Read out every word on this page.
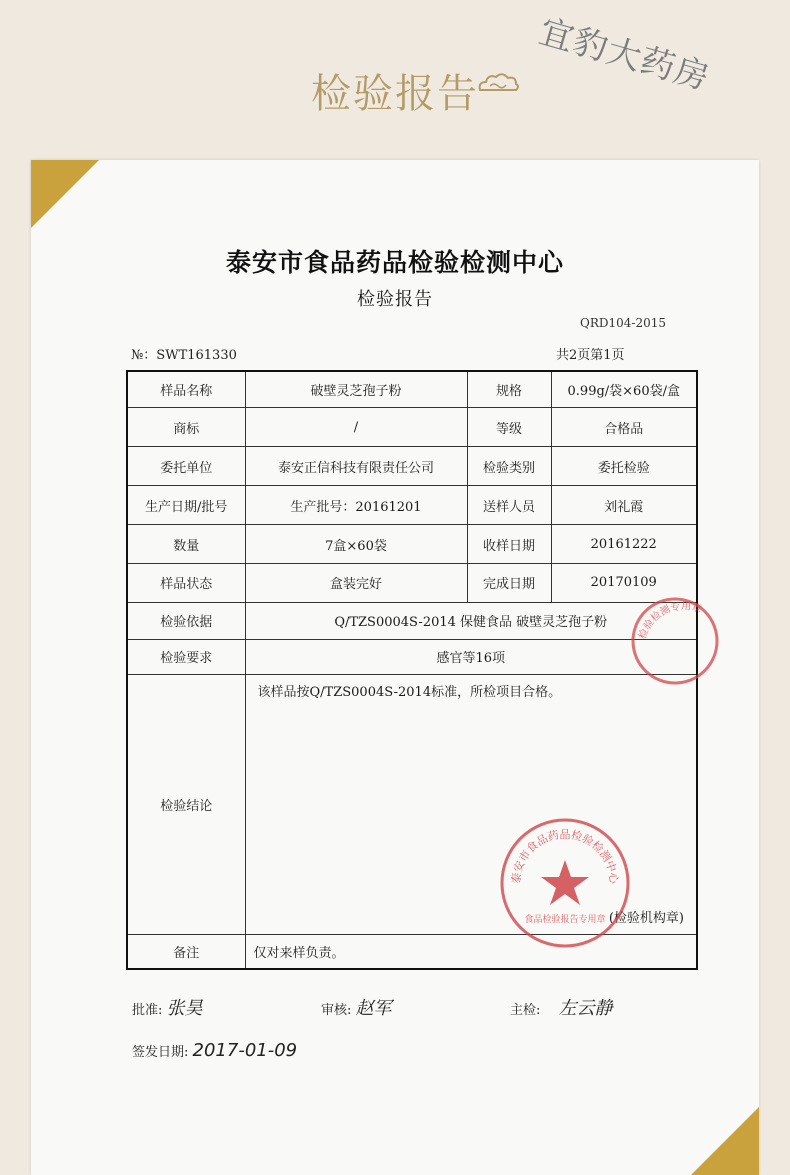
宜豹大药房
检验报告
泰安市食品药品检验检测中心
检验报告
QRD104-2015
№：SWT161330	共2页第1页
样品名称	破壁灵芝孢子粉	规格	0.99g/袋×60袋/盒
商标	/	等级	合格品
委托单位	泰安正信科技有限责任公司	检验类别	委托检验
生产日期/批号	生产批号：20161201	送样人员	刘礼霞
数量	7盒×60袋	收样日期	20161222
样品状态	盒装完好	完成日期	20170109
检验依据	Q/TZS0004S-2014 保健食品 破壁灵芝孢子粉		
检验要求	感官等16项		
检验结论	该样品按Q/TZS0004S-2014标准，所检项目合格。
(检验机构章)		

备注	仅对来样负责。		
泰安市食品药品检验检测中心
食品检验报告专用章
检验检测专用章
批准: 张昊	审核: 赵军	主检: 左云静
签发日期: 2017-01-09
